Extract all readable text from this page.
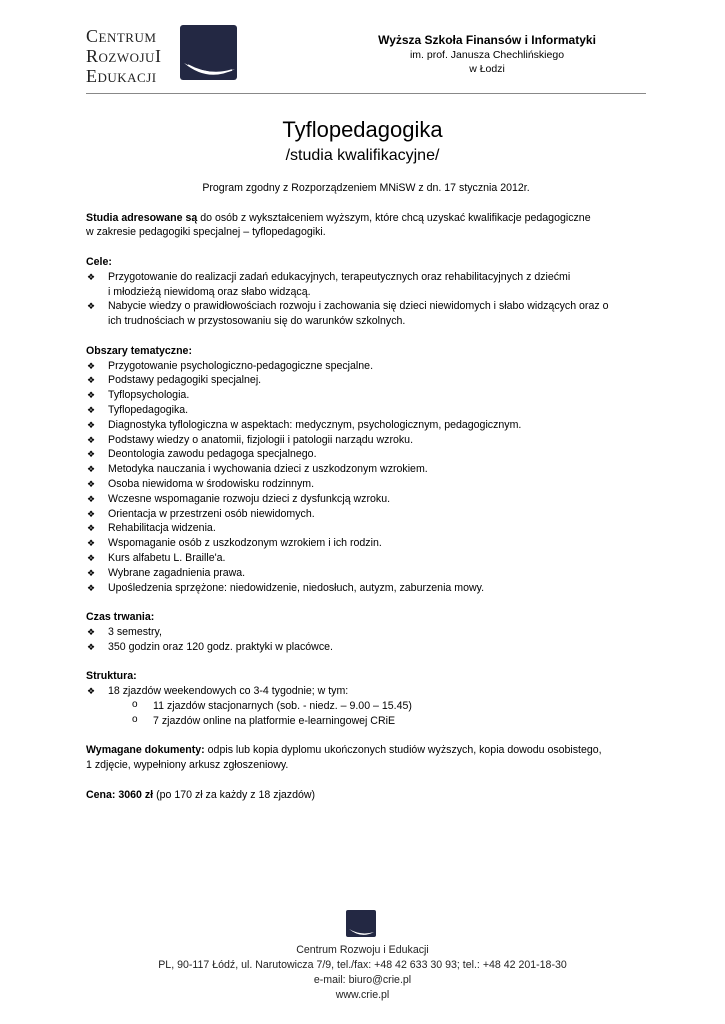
Centrum
RozwojuI
Edukacji
Wyższa Szkoła Finansów i Informatyki
im. prof. Janusza Chechlińskiego
w Łodzi
Tyflopedagogika
/studia kwalifikacyjne/
Program zgodny z Rozporządzeniem MNiSW z dn. 17 stycznia 2012r.
Studia adresowane są do osób z wykształceniem wyższym, które chcą uzyskać kwalifikacje pedagogiczne
w zakresie pedagogiki specjalnej – tyflopedagogiki.
Cele:
❖ Przygotowanie do realizacji zadań edukacyjnych, terapeutycznych oraz rehabilitacyjnych z dziećmi
i młodzieżą niewidomą oraz słabo widzącą.
❖ Nabycie wiedzy o prawidłowościach rozwoju i zachowania się dzieci niewidomych i słabo widzących oraz o
ich trudnościach w przystosowaniu się do warunków szkolnych.
Obszary tematyczne:
❖ Przygotowanie psychologiczno-pedagogiczne specjalne.
❖ Podstawy pedagogiki specjalnej.
❖ Tyflopsychologia.
❖ Tyflopedagogika.
❖ Diagnostyka tyflologiczna w aspektach: medycznym, psychologicznym, pedagogicznym.
❖ Podstawy wiedzy o anatomii, fizjologii i patologii narządu wzroku.
❖ Deontologia zawodu pedagoga specjalnego.
❖ Metodyka nauczania i wychowania dzieci z uszkodzonym wzrokiem.
❖ Osoba niewidoma w środowisku rodzinnym.
❖ Wczesne wspomaganie rozwoju dzieci z dysfunkcją wzroku.
❖ Orientacja w przestrzeni osób niewidomych.
❖ Rehabilitacja widzenia.
❖ Wspomaganie osób z uszkodzonym wzrokiem i ich rodzin.
❖ Kurs alfabetu L. Braille'a.
❖ Wybrane zagadnienia prawa.
❖ Upośledzenia sprzężone: niedowidzenie, niedosłuch, autyzm, zaburzenia mowy.
Czas trwania:
❖ 3 semestry,
❖ 350 godzin oraz 120 godz. praktyki w placówce.
Struktura:
❖ 18 zjazdów weekendowych co 3-4 tygodnie; w tym:
o 11 zjazdów stacjonarnych (sob. - niedz. – 9.00 – 15.45)
o 7 zjazdów online na platformie e-learningowej CRiE
Wymagane dokumenty: odpis lub kopia dyplomu ukończonych studiów wyższych, kopia dowodu osobistego,
1 zdjęcie, wypełniony arkusz zgłoszeniowy.
Cena: 3060 zł (po 170 zł za każdy z 18 zjazdów)
Centrum Rozwoju i Edukacji
PL, 90-117 Łódź, ul. Narutowicza 7/9, tel./fax: +48 42 633 30 93; tel.: +48 42 201-18-30
e-mail: biuro@crie.pl
www.crie.pl
